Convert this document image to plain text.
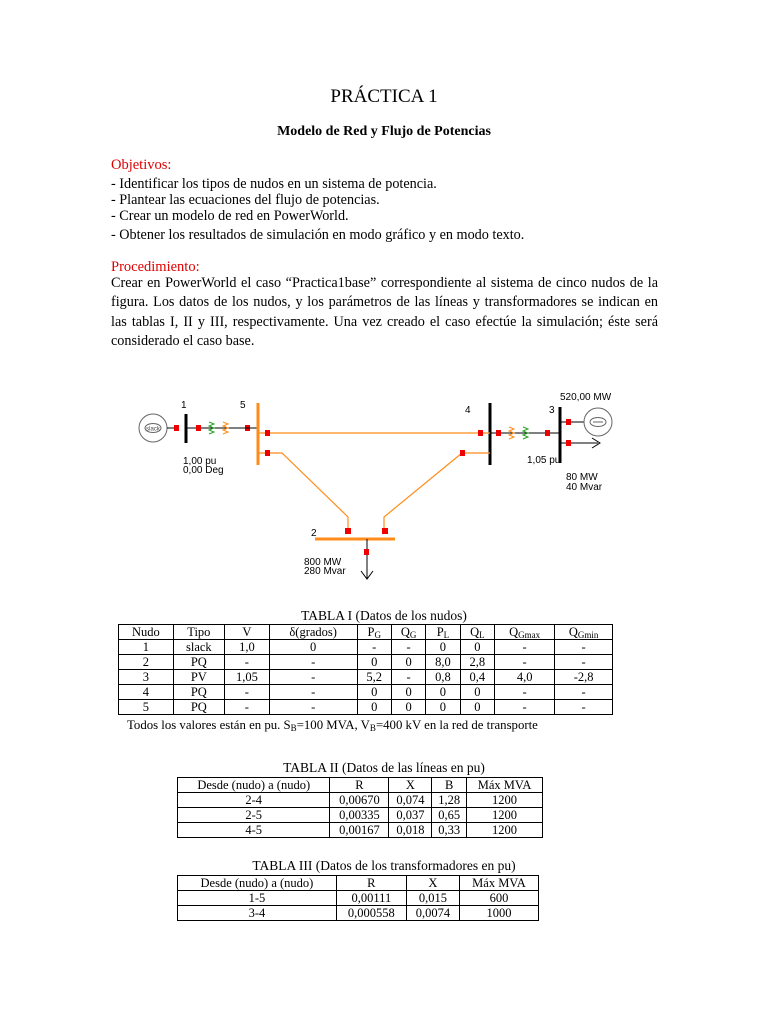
PRÁCTICA 1
Modelo de Red y Flujo de Potencias
Objetivos:
- Identificar los tipos de nudos en un sistema de potencia.
- Plantear las ecuaciones del flujo de potencias.
- Crear un modelo de red en PowerWorld.
- Obtener los resultados de simulación en modo gráfico y en modo texto.
Procedimiento:
Crear en PowerWorld el caso “Practica1base” correspondiente al sistema de cinco nudos de la figura. Los datos de los nudos, y los parámetros de las líneas y transformadores se indican en las tablas I, II y III, respectivamente. Una vez creado el caso efectúe la simulación; éste será considerado el caso base.
slack
1	5	4	3
2
1,00 pu
0,00 Deg
1,05 pu
520,00 MW
80 MW
40 Mvar
800 MW
280 Mvar
TABLA I (Datos de los nudos)
Nudo	Tipo	V	δ(grados)	$P_G$	$Q_G$	$P_L$	$Q_L$	$Q_{Gmax}$	$Q_{Gmin}$
1	slack	1,0	0	-	-	0	0	-	-
2	PQ	-	-	0	0	8,0	2,8	-	-
3	PV	1,05	-	5,2	-	0,8	0,4	4,0	-2,8
4	PQ	-	-	0	0	0	0	-	-
5	PQ	-	-	0	0	0	0	-	-
Todos los valores están en pu. $S_B=100$ MVA, $V_B=400$ kV en la red de transporte
TABLA II (Datos de las líneas en pu)
Desde (nudo) a (nudo)	R	X	B	Máx MVA
2-4	0,00670	0,074	1,28	1200
2-5	0,00335	0,037	0,65	1200
4-5	0,00167	0,018	0,33	1200
TABLA III (Datos de los transformadores en pu)
Desde (nudo) a (nudo)	R	X	Máx MVA
1-5	0,00111	0,015	600
3-4	0,000558	0,0074	1000
